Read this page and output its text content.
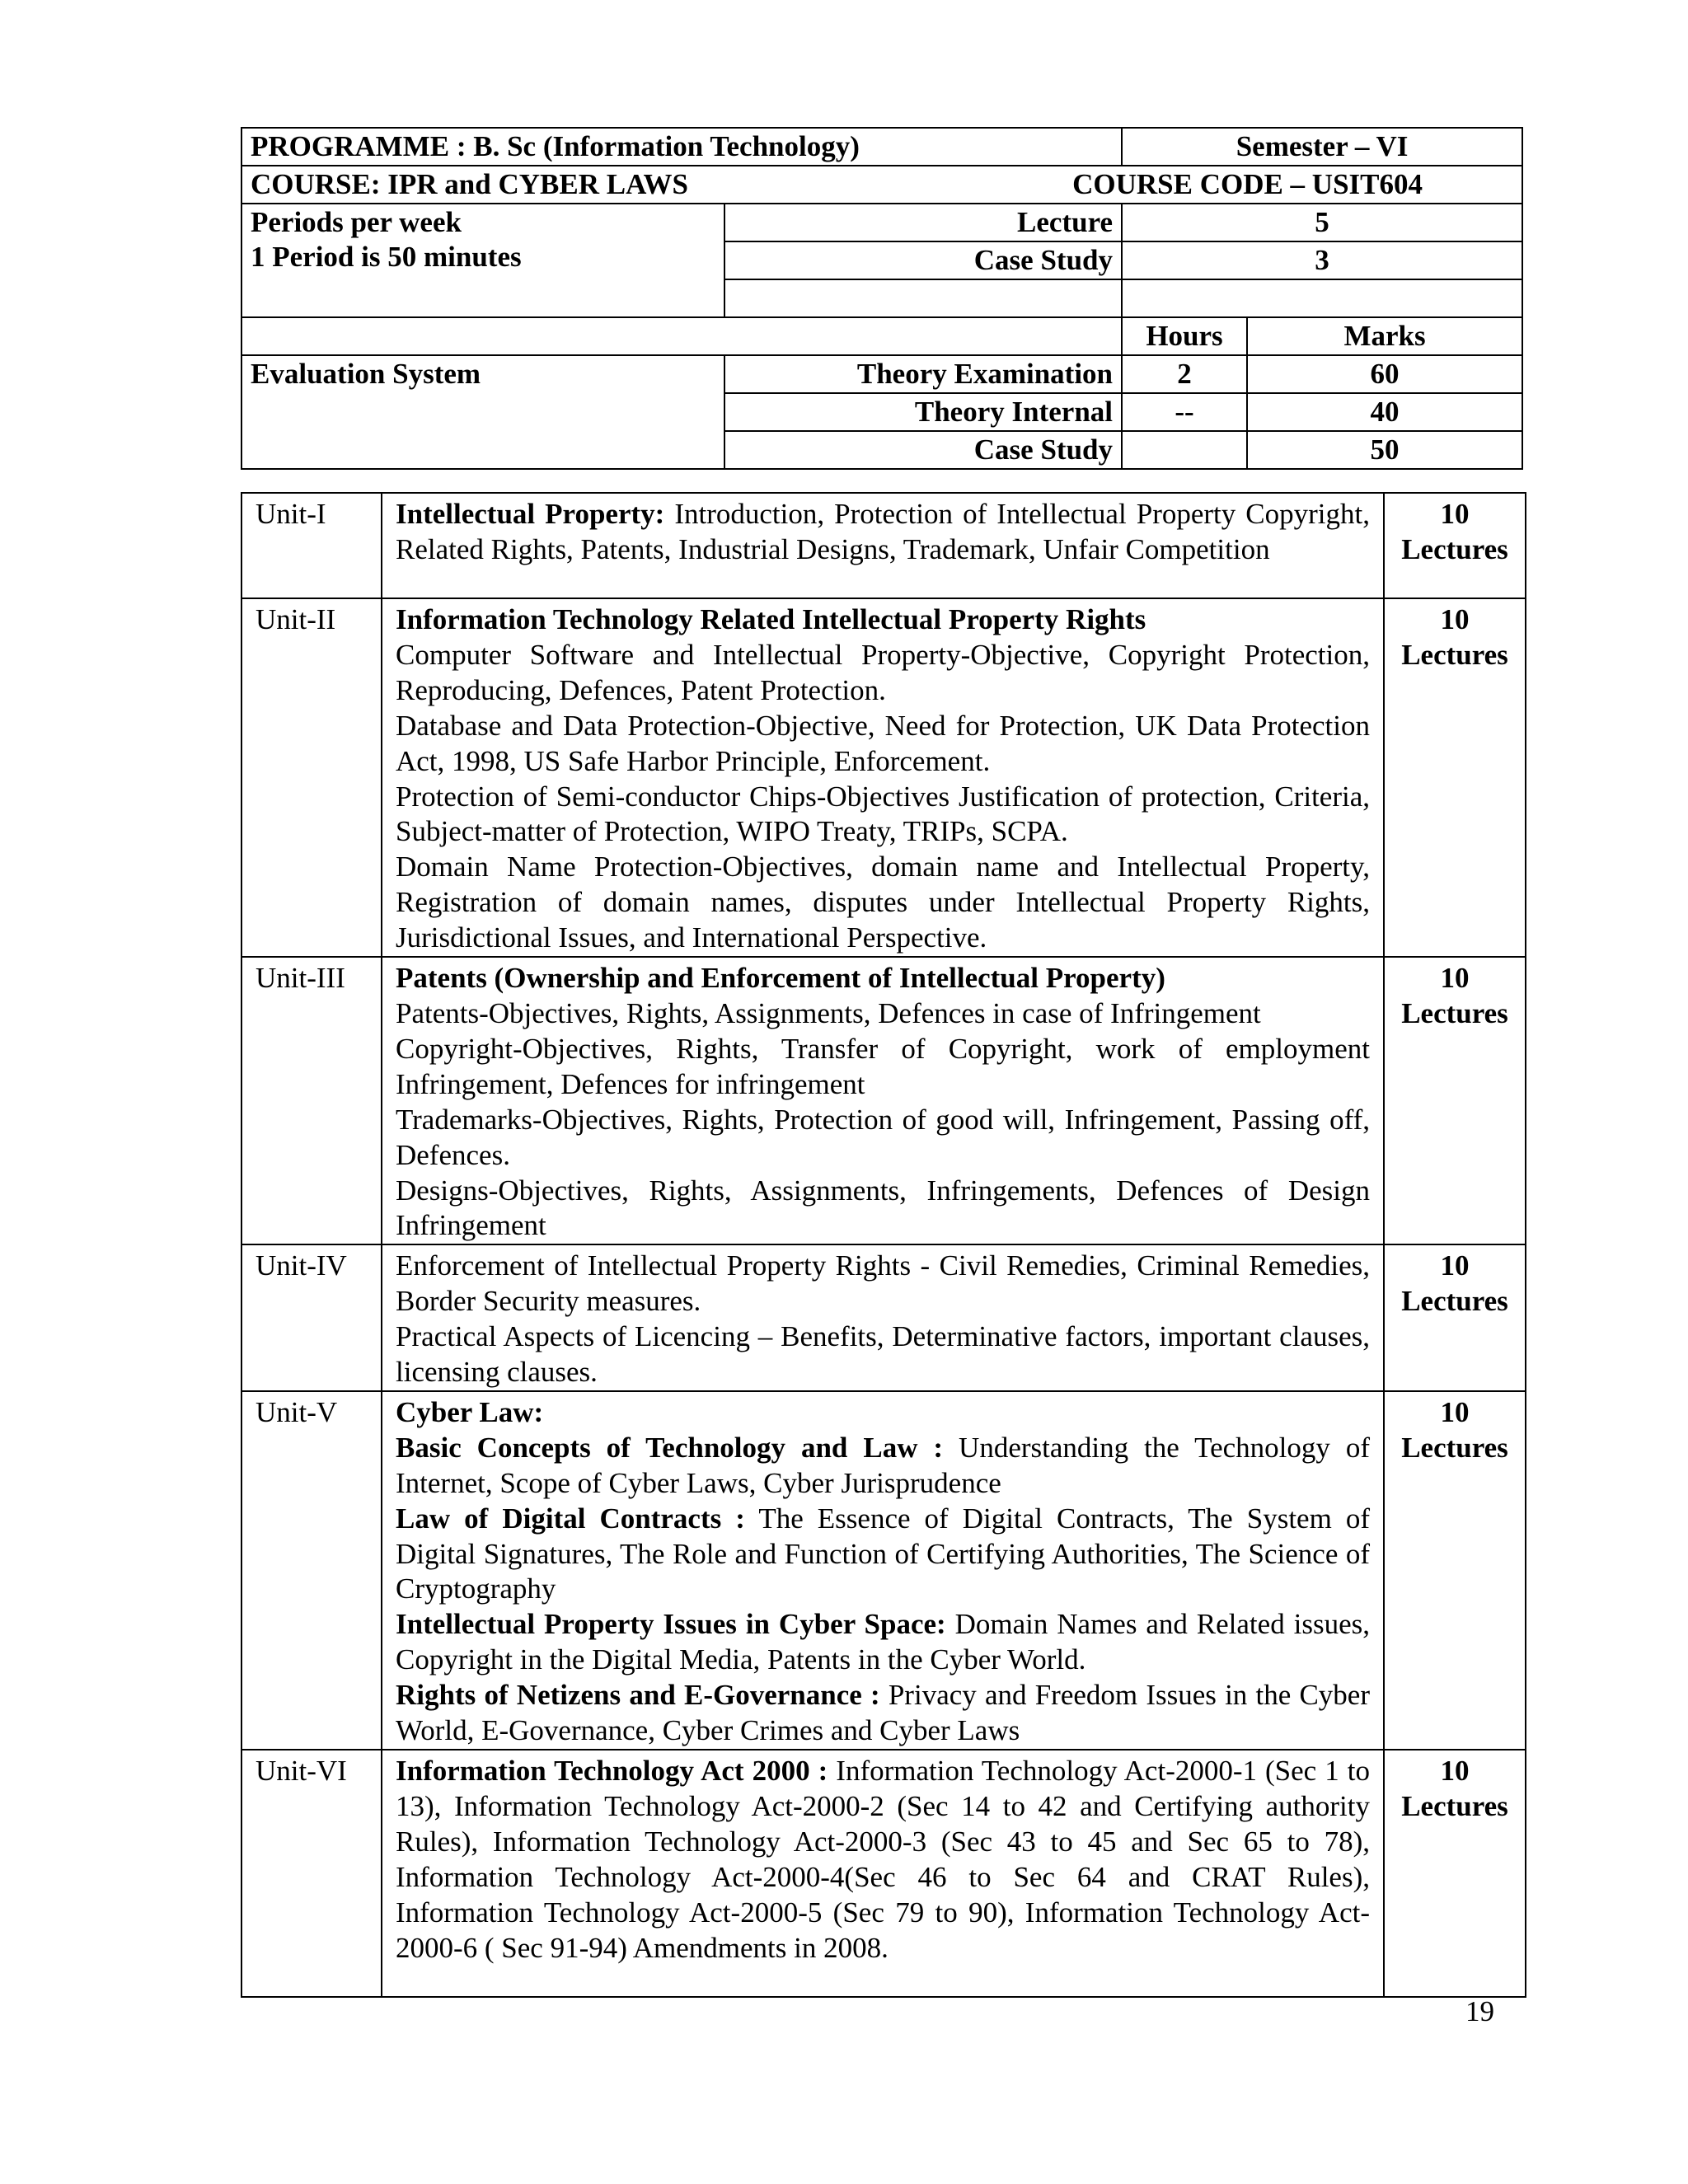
PROGRAMME : B. Sc (Information Technology)		Semester – VI	

COURSE: IPR and CYBER LAWS COURSE CODE – USIT604			

Periods per week
1 Period is 50 minutes	Lecture	5	
	Case Study	3	

		Hours	Marks
Evaluation System	Theory Examination	2	60
	Theory Internal	--	40
	Case Study		50
Unit-I	Intellectual Property: Introduction, Protection of Intellectual Property Copyright, Related Rights, Patents, Industrial Designs, Trademark, Unfair Competition	10
Lectures

Unit-II	Information Technology Related Intellectual Property Rights
Computer Software and Intellectual Property-Objective, Copyright Protection, Reproducing, Defences, Patent Protection.
Database and Data Protection-Objective, Need for Protection, UK Data Protection Act, 1998, US Safe Harbor Principle, Enforcement.
Protection of Semi-conductor Chips-Objectives Justification of protection, Criteria, Subject-matter of Protection, WIPO Treaty, TRIPs, SCPA.
Domain Name Protection-Objectives, domain name and Intellectual Property, Registration of domain names, disputes under Intellectual Property Rights, Jurisdictional Issues, and International Perspective.	10
Lectures

Unit-III	Patents (Ownership and Enforcement of Intellectual Property)
Patents-Objectives, Rights, Assignments, Defences in case of Infringement
Copyright-Objectives, Rights, Transfer of Copyright, work of employment Infringement, Defences for infringement
Trademarks-Objectives, Rights, Protection of good will, Infringement, Passing off, Defences.
Designs-Objectives, Rights, Assignments, Infringements, Defences of Design Infringement	10
Lectures

Unit-IV	Enforcement of Intellectual Property Rights - Civil Remedies, Criminal Remedies, Border Security measures.
Practical Aspects of Licencing – Benefits, Determinative factors, important clauses, licensing clauses.	10
Lectures

Unit-V	Cyber Law:
Basic Concepts of Technology and Law : Understanding the Technology of Internet, Scope of Cyber Laws, Cyber Jurisprudence
Law of Digital Contracts : The Essence of Digital Contracts, The System of Digital Signatures, The Role and Function of Certifying Authorities, The Science of Cryptography
Intellectual Property Issues in Cyber Space: Domain Names and Related issues, Copyright in the Digital Media, Patents in the Cyber World.
Rights of Netizens and E-Governance : Privacy and Freedom Issues in the Cyber World, E-Governance, Cyber Crimes and Cyber Laws	10
Lectures

Unit-VI	Information Technology Act 2000 : Information Technology Act-2000-1 (Sec 1 to 13), Information Technology Act-2000-2 (Sec 14 to 42 and Certifying authority Rules), Information Technology Act-2000-3 (Sec 43 to 45 and Sec 65 to 78), Information Technology Act-2000-4(Sec 46 to Sec 64 and CRAT Rules), Information Technology Act-2000-5 (Sec 79 to 90), Information Technology Act-2000-6 ( Sec 91-94) Amendments in 2008.	10
Lectures
19
